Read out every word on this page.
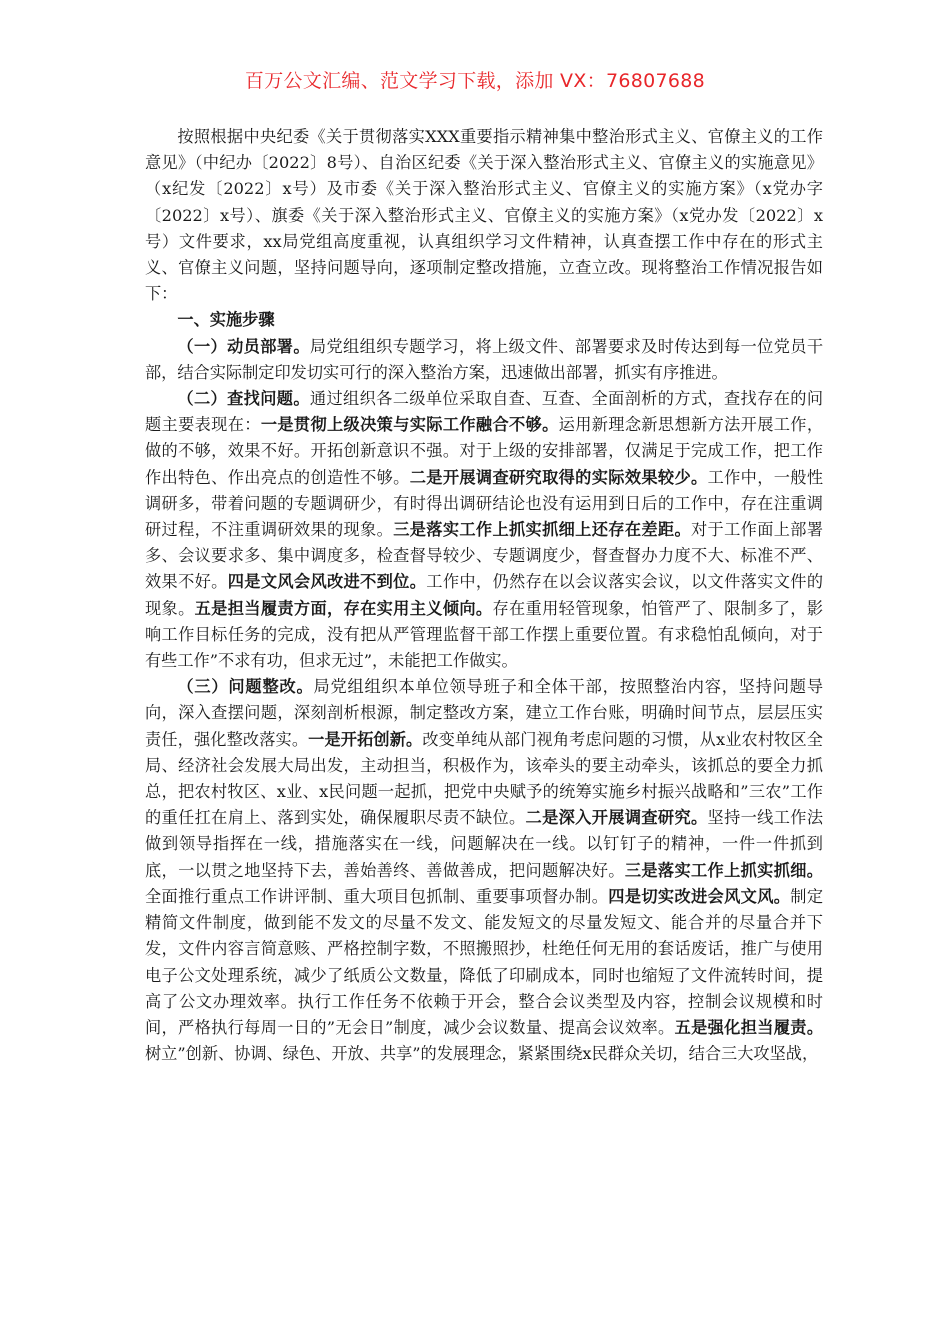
百万公文汇编、范文学习下载，添加 VX：76807688

按照根据中央纪委《关于贯彻落实XXX重要指示精神集中整治形式主义、官僚主义的工作意见》（中纪办〔2022〕8号）、自治区纪委《关于深入整治形式主义、官僚主义的实施意见》（x纪发〔2022〕x号）及市委《关于深入整治形式主义、官僚主义的实施方案》（x党办字〔2022〕x号）、旗委《关于深入整治形式主义、官僚主义的实施方案》（x党办发〔2022〕x号）文件要求，xx局党组高度重视，认真组织学习文件精神，认真查摆工作中存在的形式主义、官僚主义问题，坚持问题导向，逐项制定整改措施，立查立改。现将整治工作情况报告如下：

一、实施步骤

（一）动员部署。局党组组织专题学习，将上级文件、部署要求及时传达到每一位党员干部，结合实际制定印发切实可行的深入整治方案，迅速做出部署，抓实有序推进。

（二）查找问题。通过组织各二级单位采取自查、互查、全面剖析的方式，查找存在的问题主要表现在：一是贯彻上级决策与实际工作融合不够。运用新理念新思想新方法开展工作，做的不够，效果不好。开拓创新意识不强。对于上级的安排部署，仅满足于完成工作，把工作作出特色、作出亮点的创造性不够。二是开展调查研究取得的实际效果较少。工作中，一般性调研多，带着问题的专题调研少，有时得出调研结论也没有运用到日后的工作中，存在注重调研过程，不注重调研效果的现象。三是落实工作上抓实抓细上还存在差距。对于工作面上部署多、会议要求多、集中调度多，检查督导较少、专题调度少，督查督办力度不大、标准不严、效果不好。四是文风会风改进不到位。工作中，仍然存在以会议落实会议，以文件落实文件的现象。五是担当履责方面，存在实用主义倾向。存在重用轻管现象，怕管严了、限制多了，影响工作目标任务的完成，没有把从严管理监督干部工作摆上重要位置。有求稳怕乱倾向，对于有些工作”不求有功，但求无过”，未能把工作做实。

（三）问题整改。局党组组织本单位领导班子和全体干部，按照整治内容，坚持问题导向，深入查摆问题，深刻剖析根源，制定整改方案，建立工作台账，明确时间节点，层层压实责任，强化整改落实。一是开拓创新。改变单纯从部门视角考虑问题的习惯，从x业农村牧区全局、经济社会发展大局出发，主动担当，积极作为，该牵头的要主动牵头，该抓总的要全力抓总，把农村牧区、x业、x民问题一起抓，把党中央赋予的统筹实施乡村振兴战略和”三农”工作的重任扛在肩上、落到实处，确保履职尽责不缺位。二是深入开展调查研究。坚持一线工作法做到领导指挥在一线，措施落实在一线，问题解决在一线。以钉钉子的精神，一件一件抓到底，一以贯之地坚持下去，善始善终、善做善成，把问题解决好。三是落实工作上抓实抓细。全面推行重点工作讲评制、重大项目包抓制、重要事项督办制。四是切实改进会风文风。制定精简文件制度，做到能不发文的尽量不发文、能发短文的尽量发短文、能合并的尽量合并下发，文件内容言简意赅、严格控制字数，不照搬照抄，杜绝任何无用的套话废话，推广与使用电子公文处理系统，减少了纸质公文数量，降低了印刷成本，同时也缩短了文件流转时间，提高了公文办理效率。执行工作任务不依赖于开会，整合会议类型及内容，控制会议规模和时间，严格执行每周一日的”无会日”制度，减少会议数量、提高会议效率。五是强化担当履责。树立”创新、协调、绿色、开放、共享”的发展理念，紧紧围绕x民群众关切，结合三大攻坚战，
